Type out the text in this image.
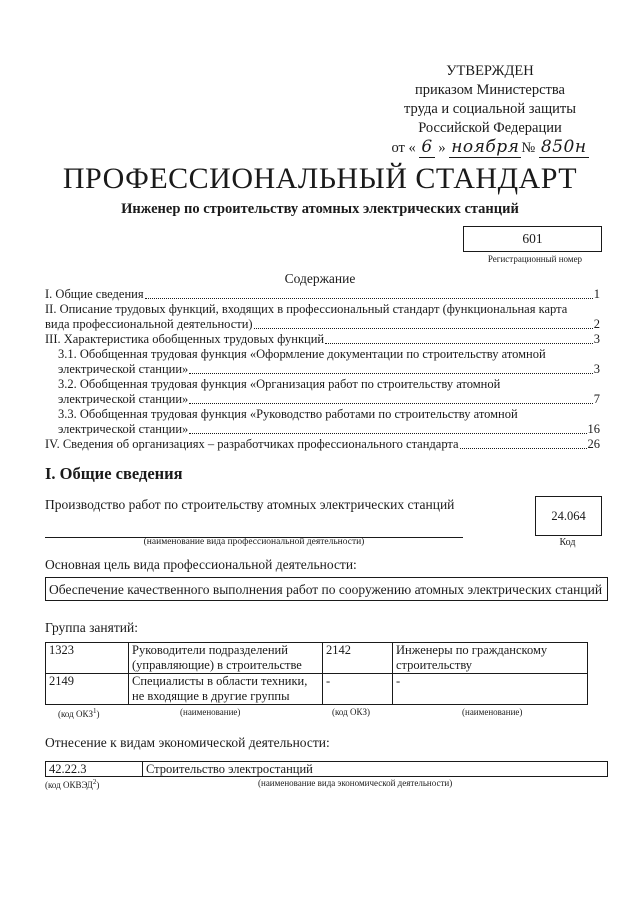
УТВЕРЖДЕН
приказом Министерства
труда и социальной защиты
Российской Федерации
от « 6 » ноября № 850н
ПРОФЕССИОНАЛЬНЫЙ СТАНДАРТ
Инженер по строительству атомных электрических станций
601
Регистрационный номер
Содержание
I. Общие сведения	1
II. Описание трудовых функций, входящих в профессиональный стандарт (функциональная карта
вида профессиональной деятельности)	2
III. Характеристика обобщенных трудовых функций	3
3.1. Обобщенная трудовая функция «Оформление документации по строительству атомной
электрической станции»	3
3.2. Обобщенная трудовая функция «Организация работ по строительству атомной
электрической станции»	7
3.3. Обобщенная трудовая функция «Руководство работами по строительству атомной
электрической станции»	16
IV. Сведения об организациях – разработчиках профессионального стандарта	26
I. Общие сведения
Производство работ по строительству атомных электрических станций
(наименование вида профессиональной деятельности)
24.064
Код
Основная цель вида профессиональной деятельности:
Обеспечение качественного выполнения работ по сооружению атомных электрических станций
Группа занятий:
1323	Руководители подразделений (управляющие) в строительстве	2142	Инженеры по гражданскому строительству
2149	Специалисты в области техники, не входящие в другие группы	-	-
(код ОКЗ$^1$)	(наименование)	(код ОКЗ)	(наименование)
Отнесение к видам экономической деятельности:
42.22.3	Строительство электростанций
(код ОКВЭД$^2$)	(наименование вида экономической деятельности)
